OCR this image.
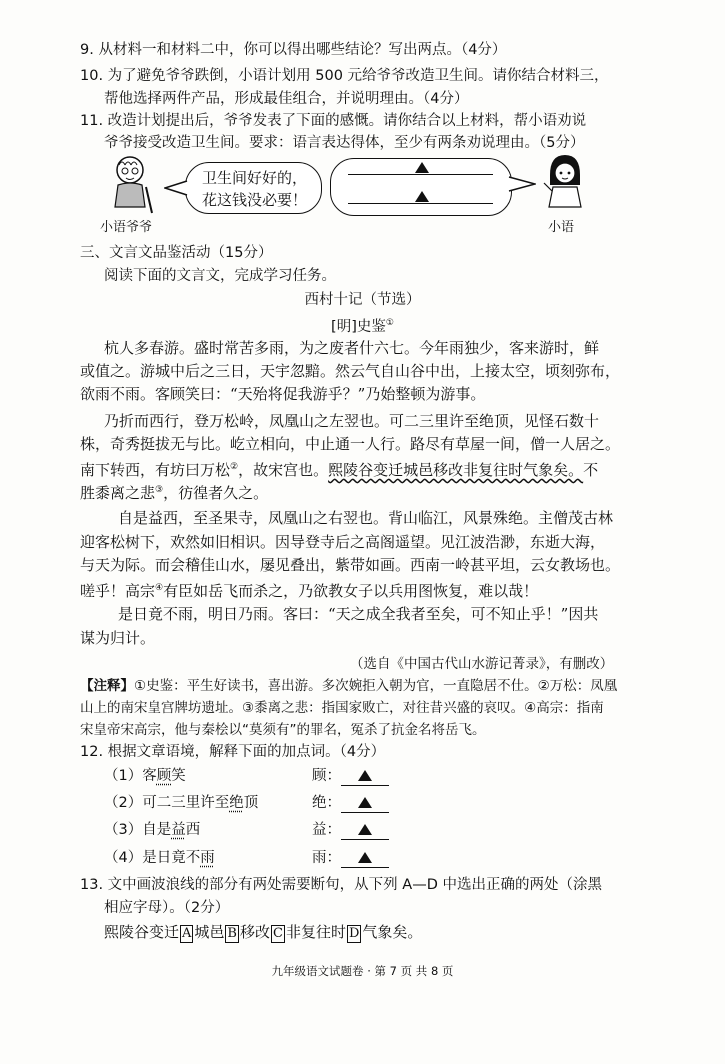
9. 从材料一和材料二中，你可以得出哪些结论？写出两点。（4分）
10. 为了避免爷爷跌倒，小语计划用 500 元给爷爷改造卫生间。请你结合材料三，
帮他选择两件产品，形成最佳组合，并说明理由。（4分）
11. 改造计划提出后，爷爷发表了下面的感慨。请你结合以上材料，帮小语劝说
爷爷接受改造卫生间。要求：语言表达得体，至少有两条劝说理由。（5分）
小语爷爷
卫生间好好的，
花这钱没必要！
小语
三、文言文品鉴活动（15分）
阅读下面的文言文，完成学习任务。
西村十记（节选）
[明]史鉴①
杭人多春游。盛时常苦多雨，为之废者什六七。今年雨独少，客来游时，鲜
或值之。游城中后之三日，天宇忽黯。然云气自山谷中出，上接太空，顷刻弥布，
欲雨不雨。客顾笑曰：“天殆将促我游乎？”乃始整顿为游事。
乃折而西行，登万松岭，凤凰山之左翌也。可二三里许至绝顶，见怪石数十
株，奇秀挺拔无与比。屹立相向，中止通一人行。路尽有草屋一间，僧一人居之。
南下转西，有坊曰万松②，故宋宫也。熙陵谷变迁城邑移改非复往时气象矣。不
胜黍离之悲③，彷徨者久之。
自是益西，至圣果寺，凤凰山之右翌也。背山临江，风景殊绝。主僧茂古林
迎客松树下，欢然如旧相识。因导登寺后之高阁遥望。见江波浩渺，东逝大海，
与天为际。而会稽佳山水，屡见叠出，紫带如画。西南一岭甚平坦，云女教场也。
嗟乎！高宗④有臣如岳飞而杀之，乃欲教女子以兵用图恢复，难以哉！
是日竟不雨，明日乃雨。客曰：“天之成全我者至矣，可不知止乎！”因共
谋为归计。
（选自《中国古代山水游记菁录》，有删改）
【注释】①史鉴：平生好读书，喜出游。多次婉拒入朝为官，一直隐居不仕。②万松：凤凰
山上的南宋皇宫牌坊遗址。③黍离之悲：指国家败亡，对往昔兴盛的哀叹。④高宗：指南
宋皇帝宋高宗，他与秦桧以“莫须有”的罪名，冤杀了抗金名将岳飞。
12. 根据文章语境，解释下面的加点词。（4分）
（1）客顾笑	顾：
（2）可二三里许至绝顶	绝：
（3）自是益西	益：
（4）是日竟不雨	雨：
13. 文中画波浪线的部分有两处需要断句，从下列 A—D 中选出正确的两处（涂黑
相应字母）。（2分）
熙陵谷变迁 A 城邑 B 移改 C 非复往时 D 气象矣。
九年级语文试题卷 · 第 7 页 共 8 页
